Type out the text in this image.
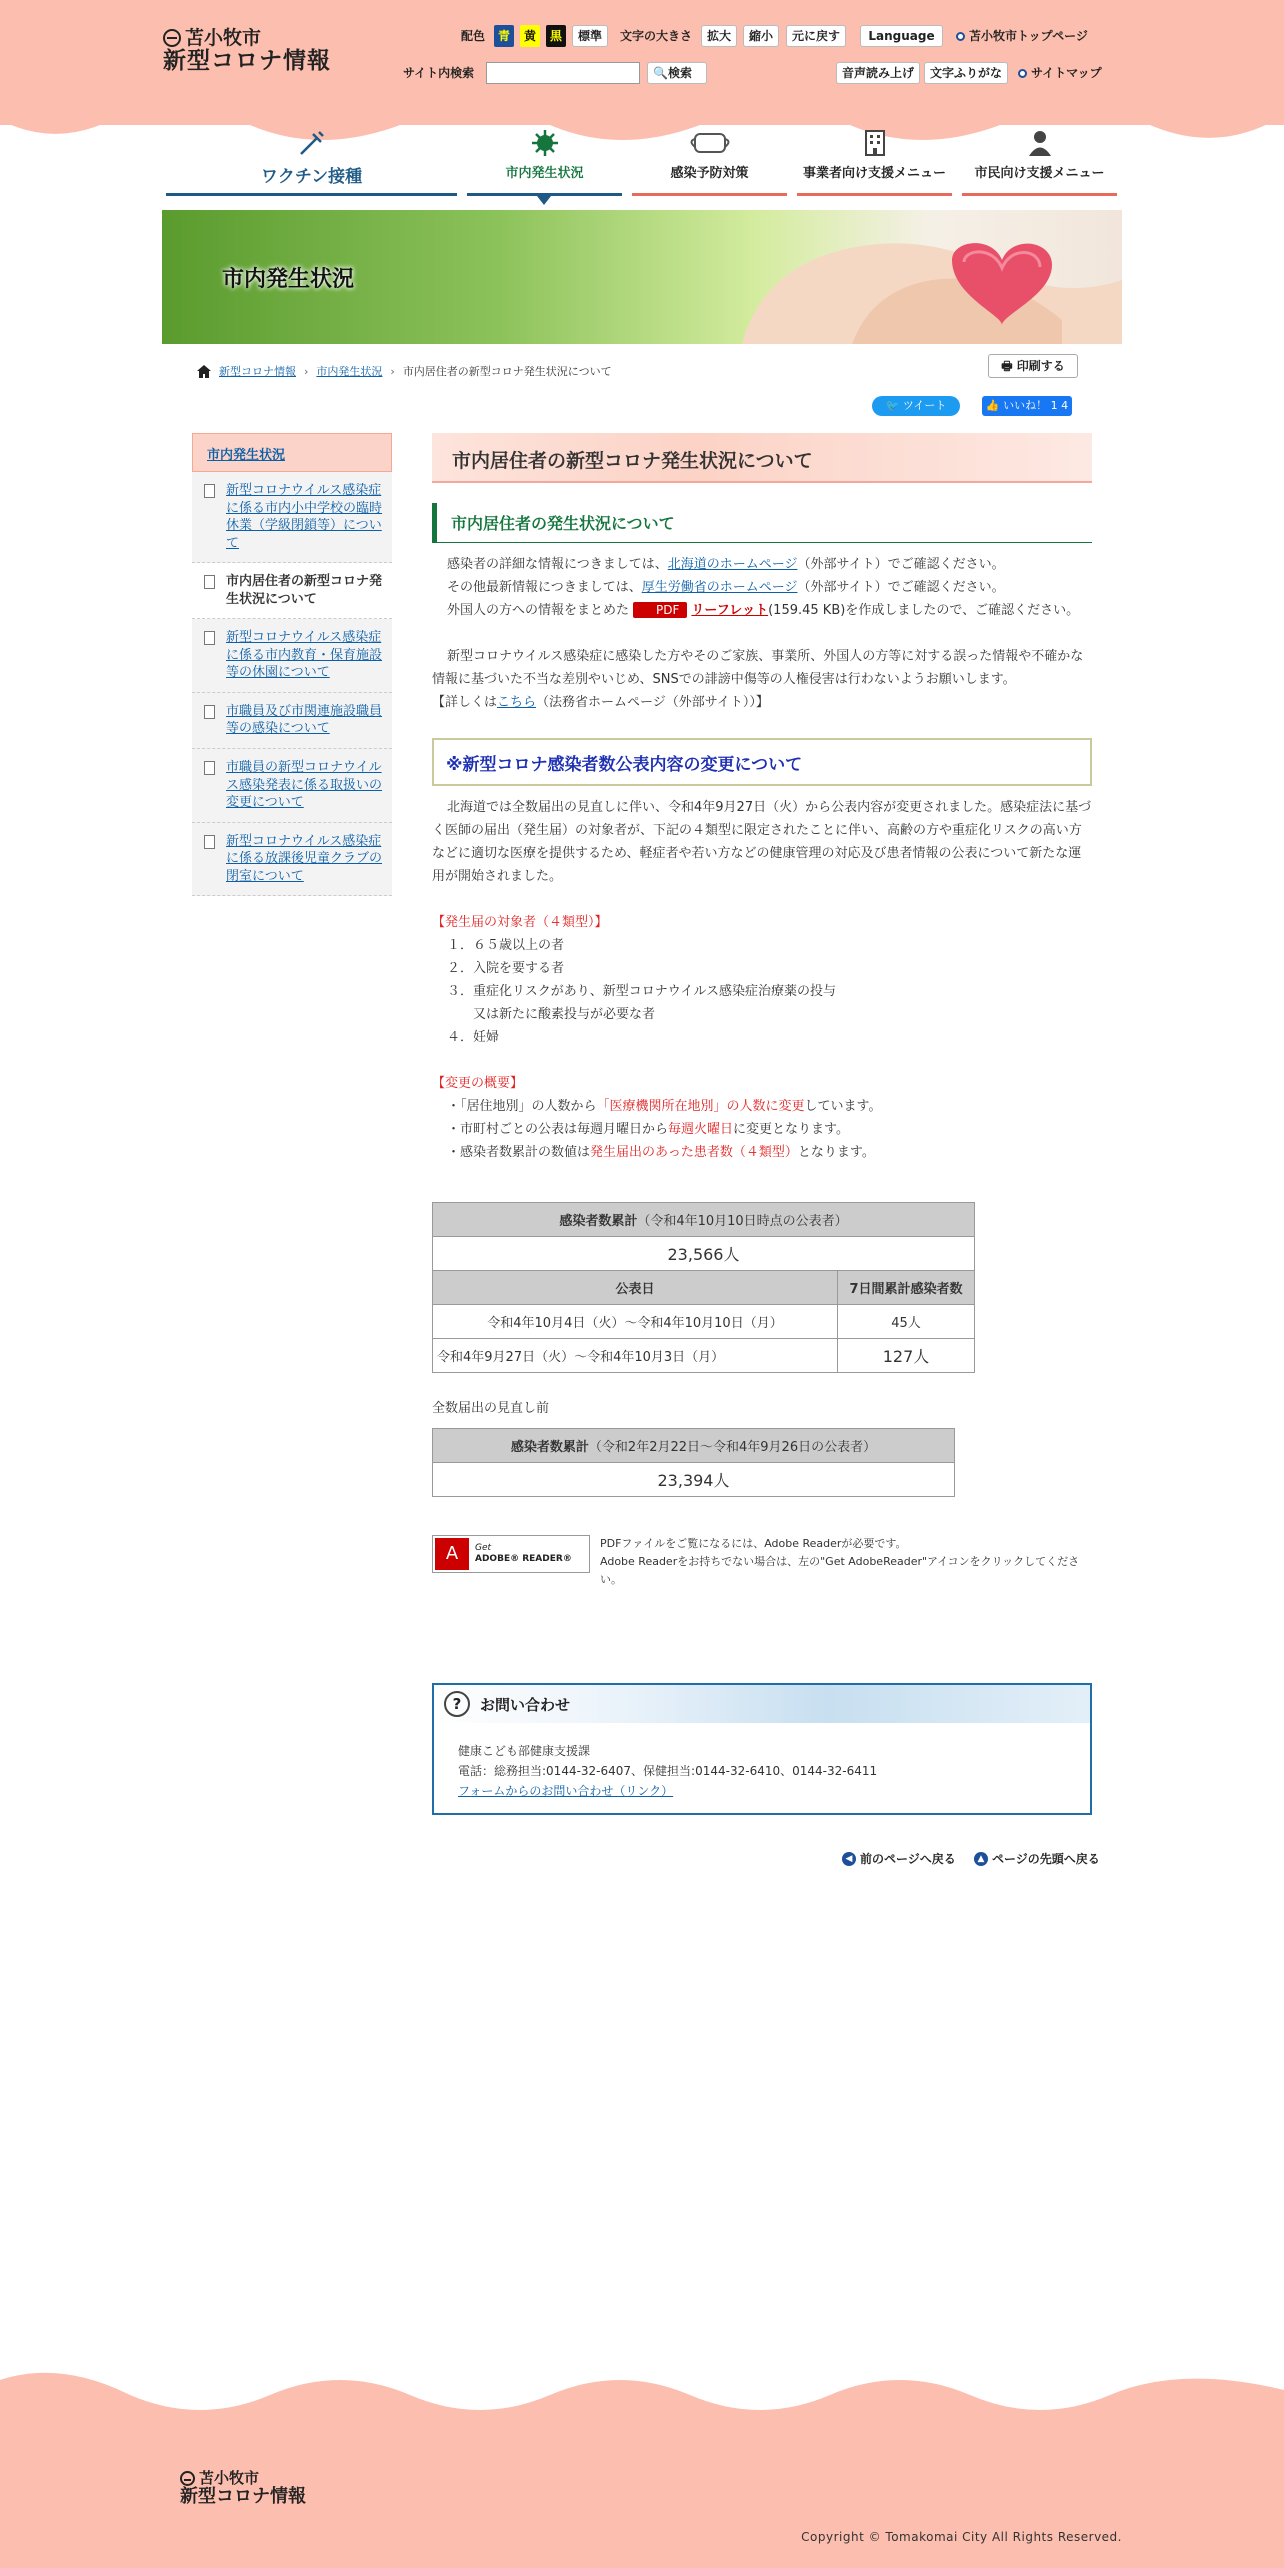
苫小牧市
新型コロナ情報
配色	青	黄	黒	標準	文字の大きさ	拡大	縮小	元に戻す	Language	苫小牧市トップページ
サイト内検索	🔍検索	音声読み上げ	文字ふりがな	サイトマップ
ワクチン接種	市内発生状況	感染予防対策	事業者向け支援メニュー	市民向け支援メニュー
市内発生状況
新型コロナ情報 › 市内発生状況 › 市内居住者の新型コロナ発生状況について	🖶 印刷する
🐦 ツイート	👍 いいね！ 1 4
市内発生状況
新型コロナウイルス感染症に係る市内小中学校の臨時休業（学級閉鎖等）について
市内居住者の新型コロナ発生状況について
新型コロナウイルス感染症に係る市内教育・保育施設等の休園について
市職員及び市関連施設職員等の感染について
市職員の新型コロナウイルス感染発表に係る取扱いの変更について
新型コロナウイルス感染症に係る放課後児童クラブの閉室について
市内居住者の新型コロナ発生状況について
市内居住者の発生状況について
感染者の詳細な情報につきましては、北海道のホームページ（外部サイト）でご確認ください。
その他最新情報につきましては、厚生労働省のホームページ（外部サイト）でご確認ください。
外国人の方への情報をまとめた PDF リーフレット(159.45 KB)を作成しましたので、ご確認ください。
新型コロナウイルス感染症に感染した方やそのご家族、事業所、外国人の方等に対する誤った情報や不確かな情報に基づいた不当な差別やいじめ、SNSでの誹謗中傷等の人権侵害は行わないようお願いします。
【詳しくはこちら（法務省ホームページ（外部サイト））】
※新型コロナ感染者数公表内容の変更について
北海道では全数届出の見直しに伴い、令和4年9月27日（火）から公表内容が変更されました。感染症法に基づく医師の届出（発生届）の対象者が、下記の４類型に限定されたことに伴い、高齢の方や重症化リスクの高い方などに適切な医療を提供するため、軽症者や若い方などの健康管理の対応及び患者情報の公表について新たな運用が開始されました。
【発生届の対象者（４類型）】
１．６５歳以上の者
２．入院を要する者
３．重症化リスクがあり、新型コロナウイルス感染症治療薬の投与
　　又は新たに酸素投与が必要な者
４．妊婦
【変更の概要】
・「居住地別」の人数から「医療機関所在地別」の人数に変更しています。
・市町村ごとの公表は毎週月曜日から毎週火曜日に変更となります。
・感染者数累計の数値は発生届出のあった患者数（４類型）となります。
感染者数累計（令和4年10月10日時点の公表者）	
23,566人	
公表日	7日間累計感染者数
令和4年10月4日（火）～令和4年10月10日（月）	45人
令和4年9月27日（火）～令和4年10月3日（月）	127人
全数届出の見直し前
感染者数累計（令和2年2月22日～令和4年9月26日の公表者）
23,394人
A	Get
ADOBE® READER®
PDFファイルをご覧になるには、Adobe Readerが必要です。
Adobe Readerをお持ちでない場合は、左の"Get AdobeReader"アイコンをクリックしてください。
?	お問い合わせ
健康こども部健康支援課
電話：総務担当:0144-32-6407、保健担当:0144-32-6410、0144-32-6411
フォームからのお問い合わせ（リンク）
◀ 前のページへ戻る	▲ ページの先頭へ戻る
苫小牧市
新型コロナ情報
Copyright © Tomakomai City All Rights Reserved.
